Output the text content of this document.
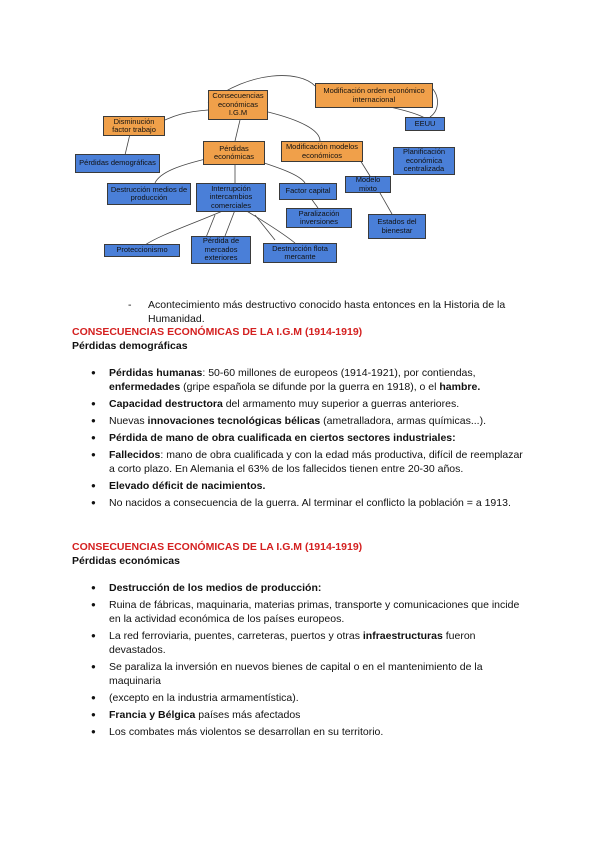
Consecuencias económicas I.G.M
Modificación orden económico internacional
EEUU
Disminución factor trabajo
Pérdidas demográficas
Pérdidas económicas
Modificación modelos económicos	Planificación económica centralizada
Destrucción medios de producción
Interrupción intercambios comerciales
Factor capital
Modelo mixto
Paralización inversiones	Estados del bienestar
Proteccionismo
Pérdida de mercados exteriores
Destrucción flota mercante
- Acontecimiento más destructivo conocido hasta entonces en la Historia de la
Humanidad.
CONSECUENCIAS ECONÓMICAS DE LA I.G.M (1914-1919)
Pérdidas demográficas
● Pérdidas humanas: 50-60 millones de europeos (1914-1921), por contiendas,
enfermedades (gripe española se difunde por la guerra en 1918), o el hambre.
● Capacidad destructora del armamento muy superior a guerras anteriores.
● Nuevas innovaciones tecnológicas bélicas (ametralladora, armas químicas...).
● Pérdida de mano de obra cualificada en ciertos sectores industriales:
● Fallecidos: mano de obra cualificada y con la edad más productiva, difícil de reemplazar a corto plazo. En Alemania el 63% de los fallecidos tienen entre 20-30 años.
● Elevado déficit de nacimientos.
● No nacidos a consecuencia de la guerra. Al terminar el conflicto la población = a 1913.
CONSECUENCIAS ECONÓMICAS DE LA I.G.M (1914-1919)
Pérdidas económicas
● Destrucción de los medios de producción:
● Ruina de fábricas, maquinaria, materias primas, transporte y comunicaciones que incide en la actividad económica de los países europeos.
● La red ferroviaria, puentes, carreteras, puertos y otras infraestructuras fueron devastados.
● Se paraliza la inversión en nuevos bienes de capital o en el mantenimiento de la maquinaria
● (excepto en la industria armamentística).
● Francia y Bélgica países más afectados
● Los combates más violentos se desarrollan en su territorio.
